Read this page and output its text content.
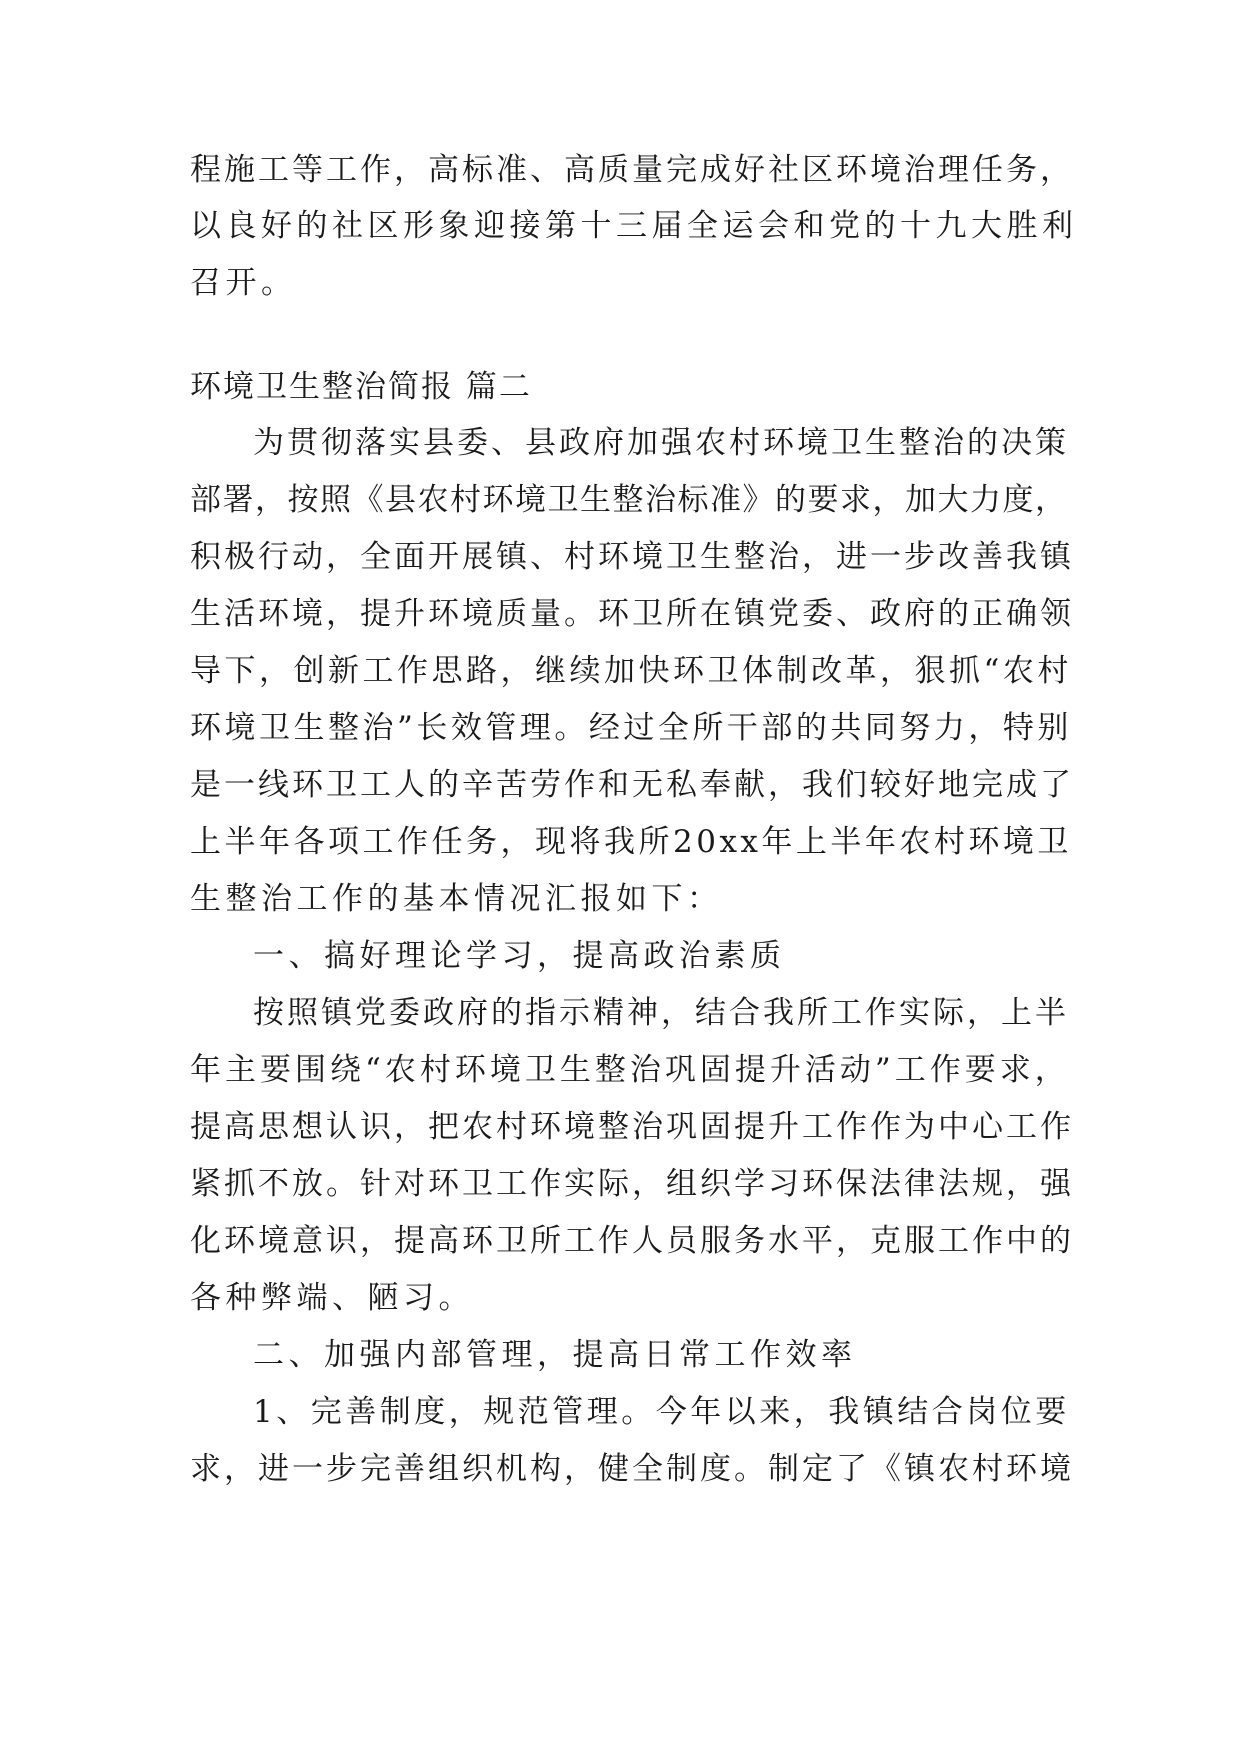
程施工等工作，高标准、高质量完成好社区环境治理任务，
以良好的社区形象迎接第十三届全运会和党的十九大胜利
召开。
环境卫生整治简报 篇二
为贯彻落实县委、县政府加强农村环境卫生整治的决策
部署，按照《县农村环境卫生整治标准》的要求，加大力度，
积极行动，全面开展镇、村环境卫生整治，进一步改善我镇
生活环境，提升环境质量。环卫所在镇党委、政府的正确领
导下，创新工作思路，继续加快环卫体制改革，狠抓“农村
环境卫生整治”长效管理。经过全所干部的共同努力，特别
是一线环卫工人的辛苦劳作和无私奉献，我们较好地完成了
上半年各项工作任务，现将我所20xx年上半年农村环境卫
生整治工作的基本情况汇报如下：
一、搞好理论学习，提高政治素质
按照镇党委政府的指示精神，结合我所工作实际，上半
年主要围绕“农村环境卫生整治巩固提升活动”工作要求，
提高思想认识，把农村环境整治巩固提升工作作为中心工作
紧抓不放。针对环卫工作实际，组织学习环保法律法规，强
化环境意识，提高环卫所工作人员服务水平，克服工作中的
各种弊端、陋习。
二、加强内部管理，提高日常工作效率
1、完善制度，规范管理。今年以来，我镇结合岗位要
求，进一步完善组织机构，健全制度。制定了《镇农村环境
